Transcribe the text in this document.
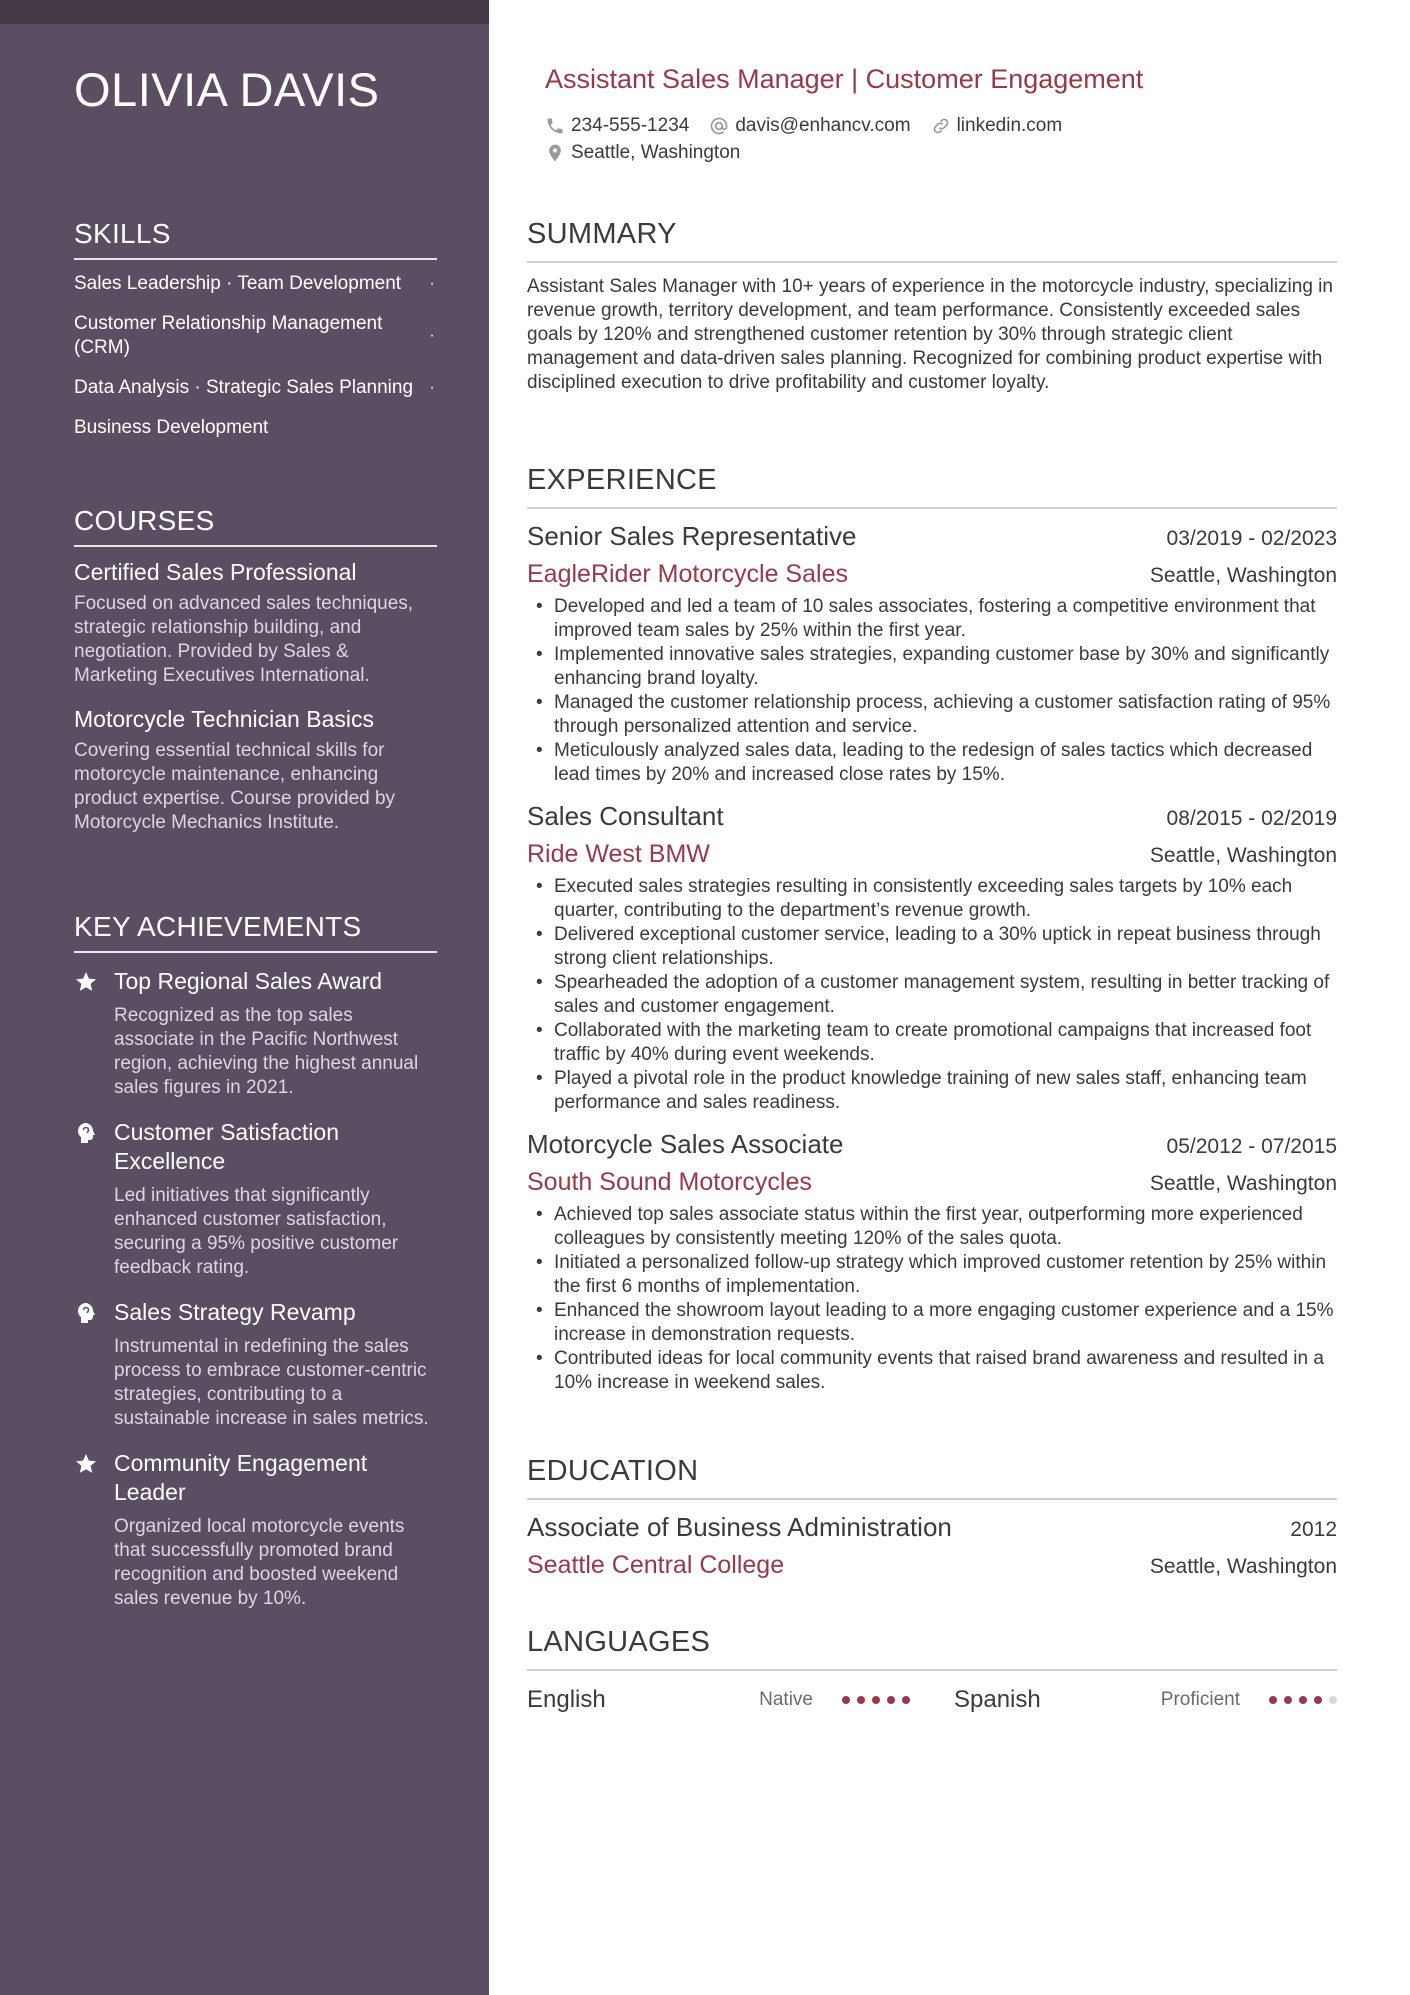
OLIVIA DAVIS
SKILLS
Sales Leadership · Team Development	·
Customer Relationship Management (CRM)
·
Data Analysis · Strategic Sales Planning	·
Business Development
COURSES
Certified Sales Professional
Focused on advanced sales techniques, strategic relationship building, and negotiation. Provided by Sales & Marketing Executives International.
Motorcycle Technician Basics
Covering essential technical skills for motorcycle maintenance, enhancing product expertise. Course provided by Motorcycle Mechanics Institute.
KEY ACHIEVEMENTS
Top Regional Sales Award
Recognized as the top sales associate in the Pacific Northwest region, achieving the highest annual sales figures in 2021.
Customer Satisfaction Excellence
Led initiatives that significantly enhanced customer satisfaction, securing a 95% positive customer feedback rating.
Sales Strategy Revamp
Instrumental in redefining the sales process to embrace customer-centric strategies, contributing to a sustainable increase in sales metrics.
Community Engagement Leader
Organized local motorcycle events that successfully promoted brand recognition and boosted weekend sales revenue by 10%.
Assistant Sales Manager | Customer Engagement
234-555-1234 davis@enhancv.com linkedin.com
Seattle, Washington
SUMMARY

Assistant Sales Manager with 10+ years of experience in the motorcycle industry, specializing in revenue growth, territory development, and team performance. Consistently exceeded sales goals by 120% and strengthened customer retention by 30% through strategic client management and data-driven sales planning. Recognized for combining product expertise with disciplined execution to drive profitability and customer loyalty.

EXPERIENCE
Senior Sales Representative	03/2019 - 02/2023
EagleRider Motorcycle Sales	Seattle, Washington
• Developed and led a team of 10 sales associates, fostering a competitive environment that improved team sales by 25% within the first year.
• Implemented innovative sales strategies, expanding customer base by 30% and significantly enhancing brand loyalty.
• Managed the customer relationship process, achieving a customer satisfaction rating of 95% through personalized attention and service.
• Meticulously analyzed sales data, leading to the redesign of sales tactics which decreased lead times by 20% and increased close rates by 15%.
Sales Consultant	08/2015 - 02/2019
Ride West BMW	Seattle, Washington
• Executed sales strategies resulting in consistently exceeding sales targets by 10% each quarter, contributing to the department’s revenue growth.
• Delivered exceptional customer service, leading to a 30% uptick in repeat business through strong client relationships.
• Spearheaded the adoption of a customer management system, resulting in better tracking of sales and customer engagement.
• Collaborated with the marketing team to create promotional campaigns that increased foot traffic by 40% during event weekends.
• Played a pivotal role in the product knowledge training of new sales staff, enhancing team performance and sales readiness.
Motorcycle Sales Associate	05/2012 - 07/2015
South Sound Motorcycles	Seattle, Washington
• Achieved top sales associate status within the first year, outperforming more experienced colleagues by consistently meeting 120% of the sales quota.
• Initiated a personalized follow-up strategy which improved customer retention by 25% within the first 6 months of implementation.
• Enhanced the showroom layout leading to a more engaging customer experience and a 15% increase in demonstration requests.
• Contributed ideas for local community events that raised brand awareness and resulted in a 10% increase in weekend sales.
EDUCATION
Associate of Business Administration	2012
Seattle Central College	Seattle, Washington
LANGUAGES
English	Native	Spanish	Proficient
